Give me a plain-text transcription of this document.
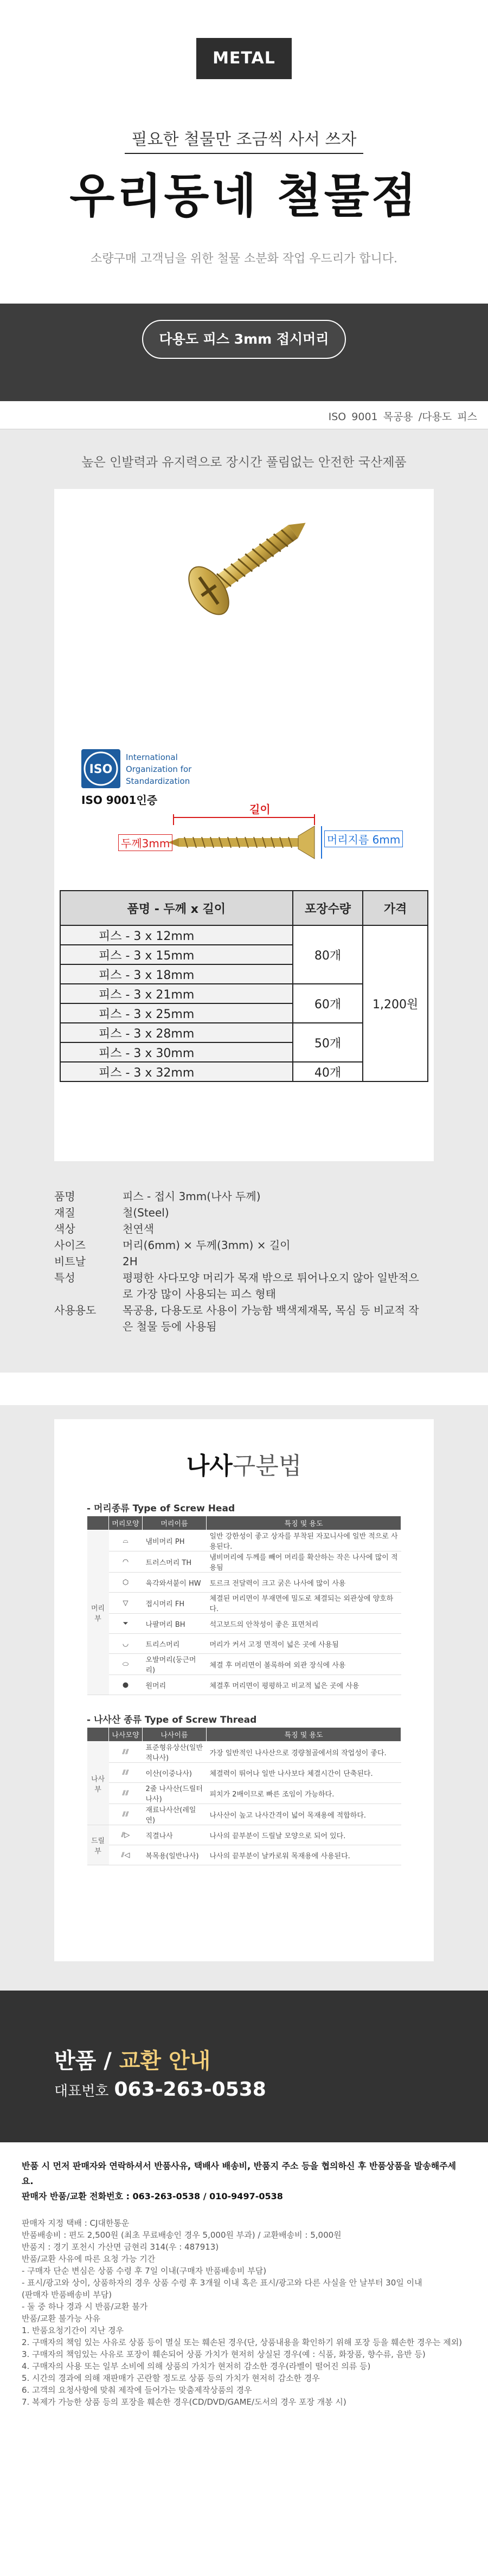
METAL
필요한 철물만 조금씩 사서 쓰자
우리동네 철물점
소량구매 고객님을 위한 철물 소분화 작업 우드리가 합니다.
다용도 피스 3mm 접시머리
ISO 9001 목공용 /다용도 피스
높은 인발력과 유지력으로 장시간 풀림없는 안전한 국산제품
ISO
International
Organization for
Standardization
ISO 9001인증
길이
두께3mm	머리지름 6mm
품명 - 두께 x 길이	포장수량	가격
피스 - 3 x 12mm	80개	1,200원
피스 - 3 x 15mm		
피스 - 3 x 18mm		
피스 - 3 x 21mm	60개	
피스 - 3 x 25mm		
피스 - 3 x 28mm	50개	
피스 - 3 x 30mm		
피스 - 3 x 32mm	40개	
품명	피스 - 접시 3mm(나사 두께)
재질	철(Steel)
색상	천연색
사이즈	머리(6mm) × 두께(3mm) × 길이
비트날	2H
특성	평평한 사다모양 머리가 목재 밖으로 튀어나오지 않아 일반적으로 가장 많이 사용되는 피스 형태
사용용도	목공용, 다용도로 사용이 가능함 백색제재목, 목심 등 비교적 작은 철물 등에 사용됨
나사구분법
- 머리종류 Type of Screw Head
	머리모양	머리이름	특징 및 용도
머리부	⌓	냄비머리 PH	일반 강한성이 좋고 상자를 부착된 자꼬니사에 일반 적으로 사용된다.
	◠	트러스머리 TH	냄비머리에 두께를 빼어 머리를 확산하는 작은 나사에 많이 적용됨
	⬡	육각와셔붙이 HW	토르크 전달력이 크고 굵은 나사에 많이 사용
	▽	접시머리 FH	체결된 머리면이 부재면에 밀도로 체결되는 외관상에 양호하다.
	⏷	나팔머리 BH	석고보드의 안착성이 좋은 표면처리
	◡	트리스머리	머리가 커서 고정 면적이 넓은 곳에 사용됨
	⬭	오발머리(둥근머리)	체결 후 머리면이 볼록하여 외관 장식에 사용
	●	원머리	체결후 머리면이 평평하고 비교적 넓은 곳에 사용
- 나사산 종류 Type of Screw Thread
	나사모양	나사이름	특징 및 용도
나사부	⫽⫽	표준형유상산(일반적나사)	가장 일반적인 나사산으로 경량철골에서의 작업성이 좋다.
	⫽⫽	이산(이중나사)	체결력이 뛰어나 일반 나사보다 체결시간이 단축된다.
	⫽⫽	2줄 나사산(드릴터나사)	피치가 2배이므로 빠른 조임이 가능하다.
	⫽⫽	재료나사산(레일연)	나사산이 높고 나사간격이 넓어 목재용에 적합하다.
드릴부	⫽▷	직결나사	나사의 끝부분이 드릴날 모양으로 되어 있다.
	⫽◁	복목용(일반나사)	나사의 끝부분이 날카로워 목재용에 사용된다.
반품 / 교환 안내
대표번호 063-263-0538
반품 시 먼저 판매자와 연락하셔서 반품사유, 택배사 배송비, 반품지 주소 등을 협의하신 후 반품상품을 발송해주세요.
판매자 반품/교환 전화번호 : 063-263-0538 / 010-9497-0538
판매자 지정 택배 : CJ대한통운
반품배송비 : 편도 2,500원 (최초 무료배송인 경우 5,000원 부과) / 교환배송비 : 5,000원
반품지 : 경기 포천시 가산면 금현리 314(우 : 487913)
반품/교환 사유에 따른 요청 가능 기간
- 구매자 단순 변심은 상품 수령 후 7일 이내(구매자 반품배송비 부담)
- 표시/광고와 상이, 상품하자의 경우 상품 수령 후 3개월 이내 혹은 표시/광고와 다른 사실을 안 날부터 30일 이내
(판매자 반품배송비 부담)
- 둘 중 하나 경과 시 반품/교환 불가
반품/교환 불가능 사유
1. 반품요청기간이 지난 경우
2. 구매자의 책임 있는 사유로 상품 등이 멸실 또는 훼손된 경우(단, 상품내용을 확인하기 위해 포장 등을 훼손한 경우는 제외)
3. 구매자의 책임있는 사유로 포장이 훼손되어 상품 가치가 현저히 상실된 경우(예 : 식품, 화장품, 향수류, 음반 등)
4. 구매자의 사용 또는 일부 소비에 의해 상품의 가치가 현저히 감소한 경우(라벨이 떨어진 의류 등)
5. 시간의 경과에 의해 재판매가 곤란할 정도로 상품 등의 가치가 현저히 감소한 경우
6. 고객의 요청사항에 맞춰 제작에 들어가는 맞춤제작상품의 경우
7. 복제가 가능한 상품 등의 포장을 훼손한 경우(CD/DVD/GAME/도서의 경우 포장 개봉 시)
